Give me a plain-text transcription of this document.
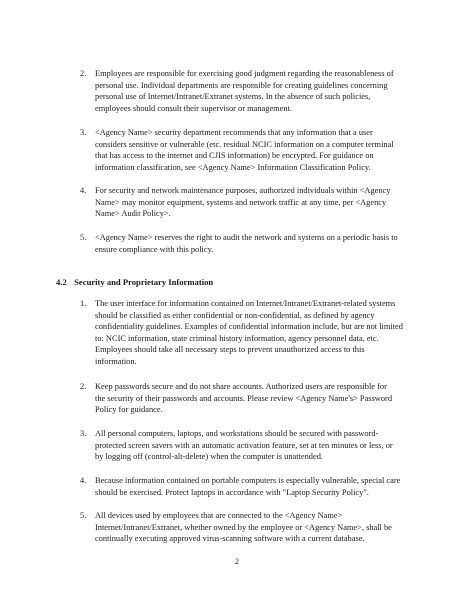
2.	Employees are responsible for exercising good judgment regarding the reasonableness of
personal use. Individual departments are responsible for creating guidelines concerning
personal use of Internet/Intranet/Extranet systems. In the absence of such policies,
employees should consult their supervisor or management.
3.	<Agency Name> security department recommends that any information that a user
considers sensitive or vulnerable (etc. residual NCIC information on a computer terminal
that has access to the internet and CJIS information) be encrypted. For guidance on
information classification, see <Agency Name> Information Classification Policy.
4.	For security and network maintenance purposes, authorized individuals within <Agency
Name> may monitor equipment, systems and network traffic at any time, per <Agency
Name> Audit Policy>.
5.	<Agency Name> reserves the right to audit the network and systems on a periodic basis to
ensure compliance with this policy.
4.2 Security and Proprietary Information
1.	The user interface for information contained on Internet/Intranet/Extranet-related systems
should be classified as either confidential or non-confidential, as defined by agency
confidentiality guidelines. Examples of confidential information include, but are not limited
to: NCIC information, state criminal history information, agency personnel data, etc.
Employees should take all necessary steps to prevent unauthorized access to this
information.
2.	Keep passwords secure and do not share accounts. Authorized users are responsible for
the security of their passwords and accounts. Please review <Agency Name's> Password
Policy for guidance.
3.	All personal computers, laptops, and workstations should be secured with password-
protected screen savers with an automatic activation feature, set at ten minutes or less, or
by logging off (control-alt-delete) when the computer is unattended.
4.	Because information contained on portable computers is especially vulnerable, special care
should be exercised. Protect laptops in accordance with "Laptop Security Policy".
5.	All devices used by employees that are connected to the <Agency Name>
Internet/Intranet/Extranet, whether owned by the employee or <Agency Name>, shall be
continually executing approved virus-scanning software with a current database.
2
